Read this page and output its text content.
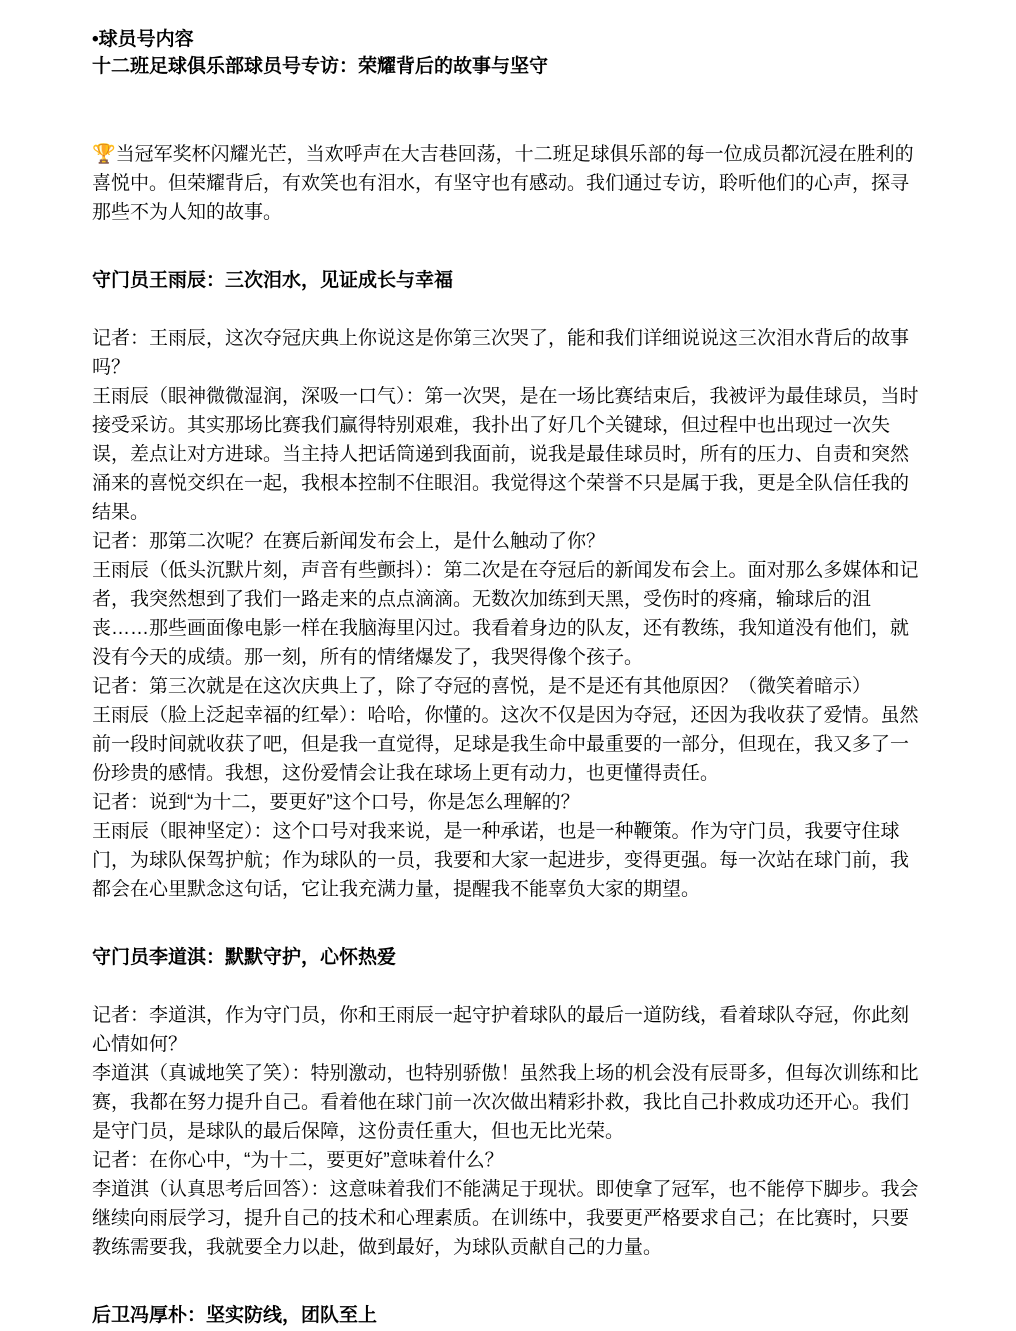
•球员号内容
十二班足球俱乐部球员号专访：荣耀背后的故事与坚守

🏆当冠军奖杯闪耀光芒，当欢呼声在大吉巷回荡，十二班足球俱乐部的每一位成员都沉浸在胜利的喜悦中。但荣耀背后，有欢笑也有泪水，有坚守也有感动。我们通过专访，聆听他们的心声，探寻那些不为人知的故事。

守门员王雨辰：三次泪水，见证成长与幸福

记者：王雨辰，这次夺冠庆典上你说这是你第三次哭了，能和我们详细说说这三次泪水背后的故事吗？

王雨辰（眼神微微湿润，深吸一口气）：第一次哭，是在一场比赛结束后，我被评为最佳球员，当时接受采访。其实那场比赛我们赢得特别艰难，我扑出了好几个关键球，但过程中也出现过一次失误，差点让对方进球。当主持人把话筒递到我面前，说我是最佳球员时，所有的压力、自责和突然涌来的喜悦交织在一起，我根本控制不住眼泪。我觉得这个荣誉不只是属于我，更是全队信任我的结果。

记者：那第二次呢？在赛后新闻发布会上，是什么触动了你？

王雨辰（低头沉默片刻，声音有些颤抖）：第二次是在夺冠后的新闻发布会上。面对那么多媒体和记者，我突然想到了我们一路走来的点点滴滴。无数次加练到天黑，受伤时的疼痛，输球后的沮丧……那些画面像电影一样在我脑海里闪过。我看着身边的队友，还有教练，我知道没有他们，就没有今天的成绩。那一刻，所有的情绪爆发了，我哭得像个孩子。

记者：第三次就是在这次庆典上了，除了夺冠的喜悦，是不是还有其他原因？（微笑着暗示）

王雨辰（脸上泛起幸福的红晕）：哈哈，你懂的。这次不仅是因为夺冠，还因为我收获了爱情。虽然前一段时间就收获了吧，但是我一直觉得，足球是我生命中最重要的一部分，但现在，我又多了一份珍贵的感情。我想，这份爱情会让我在球场上更有动力，也更懂得责任。

记者：说到“为十二，要更好”这个口号，你是怎么理解的？

王雨辰（眼神坚定）：这个口号对我来说，是一种承诺，也是一种鞭策。作为守门员，我要守住球门，为球队保驾护航；作为球队的一员，我要和大家一起进步，变得更强。每一次站在球门前，我都会在心里默念这句话，它让我充满力量，提醒我不能辜负大家的期望。

守门员李道淇：默默守护，心怀热爱

记者：李道淇，作为守门员，你和王雨辰一起守护着球队的最后一道防线，看着球队夺冠，你此刻心情如何？

李道淇（真诚地笑了笑）：特别激动，也特别骄傲！虽然我上场的机会没有辰哥多，但每次训练和比赛，我都在努力提升自己。看着他在球门前一次次做出精彩扑救，我比自己扑救成功还开心。我们是守门员，是球队的最后保障，这份责任重大，但也无比光荣。

记者：在你心中，“为十二，要更好”意味着什么？

李道淇（认真思考后回答）：这意味着我们不能满足于现状。即使拿了冠军，也不能停下脚步。我会继续向雨辰学习，提升自己的技术和心理素质。在训练中，我要更严格要求自己；在比赛时，只要教练需要我，我就要全力以赴，做到最好，为球队贡献自己的力量。

后卫冯厚朴：坚实防线，团队至上
